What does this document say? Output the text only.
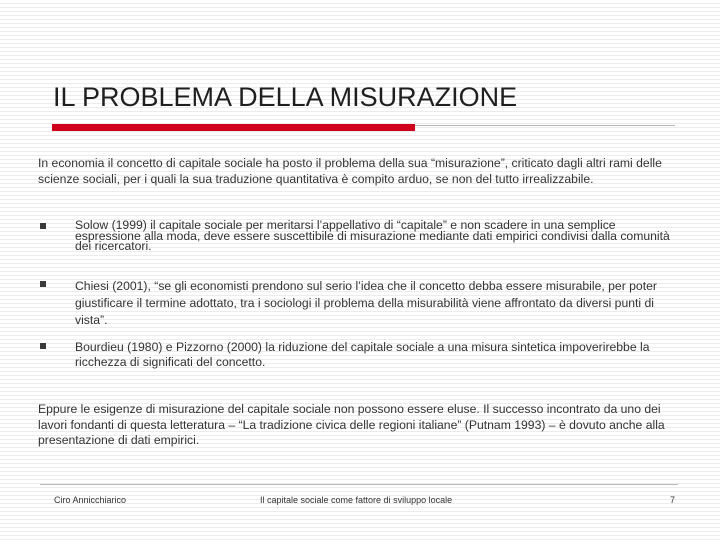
IL PROBLEMA DELLA MISURAZIONE

In economia il concetto di capitale sociale ha posto il problema della sua “misurazione”, criticato dagli altri rami delle scienze sociali, per i quali la sua traduzione quantitativa è compito arduo, se non del tutto irrealizzabile.

Solow (1999) il capitale sociale per meritarsi l’appellativo di “capitale” e non scadere in una semplice espressione alla moda, deve essere suscettibile di misurazione mediante dati empirici condivisi dalla comunità dei ricercatori.
Chiesi (2001), “se gli economisti prendono sul serio l’idea che il concetto debba essere misurabile, per poter giustificare il termine adottato, tra i sociologi il problema della misurabilità viene affrontato da diversi punti di vista”.
Bourdieu (1980) e Pizzorno (2000) la riduzione del capitale sociale a una misura sintetica impoverirebbe la ricchezza di significati del concetto.

Eppure le esigenze di misurazione del capitale sociale non possono essere eluse. Il successo incontrato da uno dei lavori fondanti di questa letteratura – “La tradizione civica delle regioni italiane” (Putnam 1993) – è dovuto anche alla presentazione di dati empirici.

Ciro Annicchiarico	Il capitale sociale come fattore di sviluppo locale	7
